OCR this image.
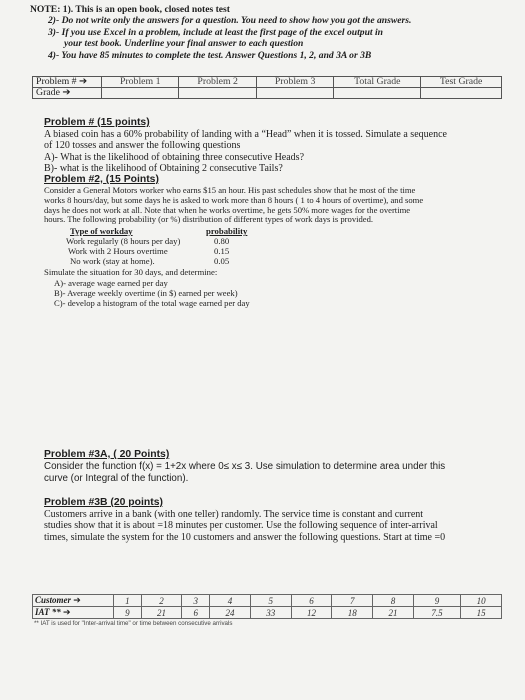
NOTE: 1). This is an open book, closed notes test
2)- Do not write only the answers for a question. You need to show how you got the answers.
3)- If you use Excel in a problem, include at least the first page of the excel output in
your test book. Underline your final answer to each question
4)- You have 85 minutes to complete the test. Answer Questions 1, 2, and 3A or 3B
Problem # ➔	Problem 1	Problem 2	Problem 3	Total Grade	Test Grade
Grade ➔					
Problem # (15 points)
A biased coin has a 60% probability of landing with a “Head” when it is tossed. Simulate a sequence
of 120 tosses and answer the following questions
A)- What is the likelihood of obtaining three consecutive Heads?
B)- what is the likelihood of Obtaining 2 consecutive Tails?
Problem #2, (15 Points)
Consider a General Motors worker who earns $15 an hour. His past schedules show that he most of the time
works 8 hours/day, but some days he is asked to work more than 8 hours ( 1 to 4 hours of overtime), and some
days he does not work at all. Note that when he works overtime, he gets 50% more wages for the overtime
hours. The following probability (or %) distribution of different types of work days is provided.
Type of workday	probability
Work regularly (8 hours per day)	0.80
Work with 2 Hours overtime	0.15
No work (stay at home).	0.05
Simulate the situation for 30 days, and determine:
A)- average wage earned per day
B)- Average weekly overtime (in $) earned per week)
C)- develop a histogram of the total wage earned per day
Problem #3A, ( 20 Points)
Consider the function f(x) = 1+2x where 0≤ x≤ 3. Use simulation to determine area under this
curve (or Integral of the function).
Problem #3B (20 points)
Customers arrive in a bank (with one teller) randomly. The service time is constant and current
studies show that it is about =18 minutes per customer. Use the following sequence of inter-arrival
times, simulate the system for the 10 customers and answer the following questions. Start at time =0
Customer ➔	1	2	3	4	5	6	7	8	9	10
IAT ** ➔	9	21	6	24	33	12	18	21	7.5	15
** IAT is used for "Inter-arrival time" or time between consecutive arrivals
